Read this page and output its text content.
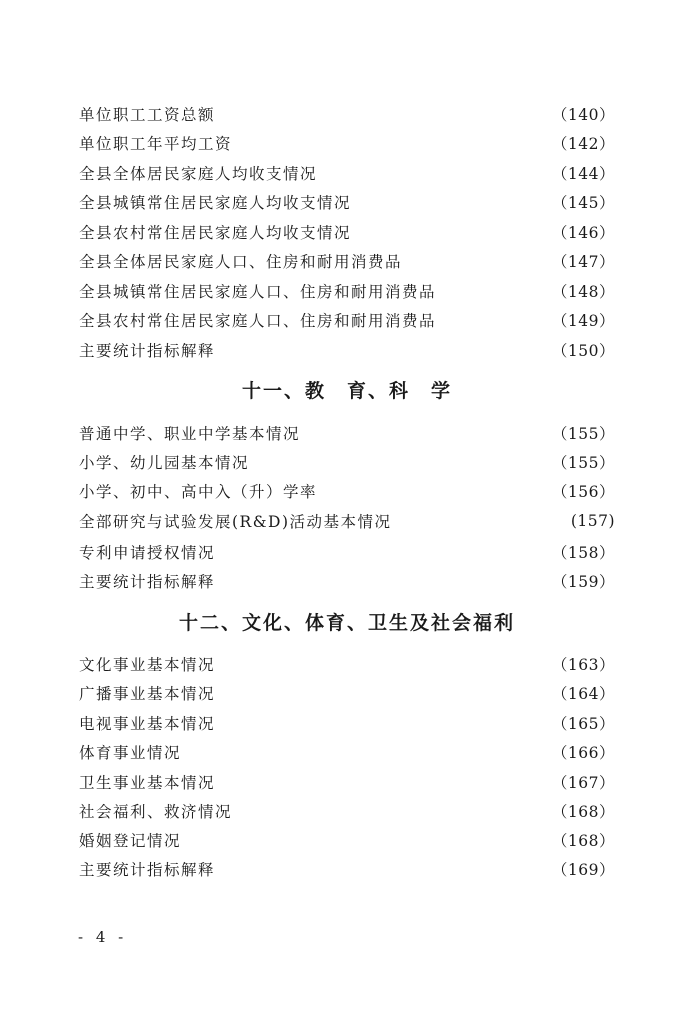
单位职工工资总额	（140）
单位职工年平均工资	（142）
全县全体居民家庭人均收支情况	（144）
全县城镇常住居民家庭人均收支情况	（145）
全县农村常住居民家庭人均收支情况	（146）
全县全体居民家庭人口、住房和耐用消费品	（147）
全县城镇常住居民家庭人口、住房和耐用消费品	（148）
全县农村常住居民家庭人口、住房和耐用消费品	（149）
主要统计指标解释	（150）
十一、教　育、科　学
普通中学、职业中学基本情况	（155）
小学、幼儿园基本情况	（155）
小学、初中、高中入（升）学率	（156）
全部研究与试验发展(R&D)活动基本情况	(157)
专利申请授权情况	（158）
主要统计指标解释	（159）
十二、文化、体育、卫生及社会福利
文化事业基本情况	（163）
广播事业基本情况	（164）
电视事业基本情况	（165）
体育事业情况	（166）
卫生事业基本情况	（167）
社会福利、救济情况	（168）
婚姻登记情况	（168）
主要统计指标解释	（169）
- 4 -
